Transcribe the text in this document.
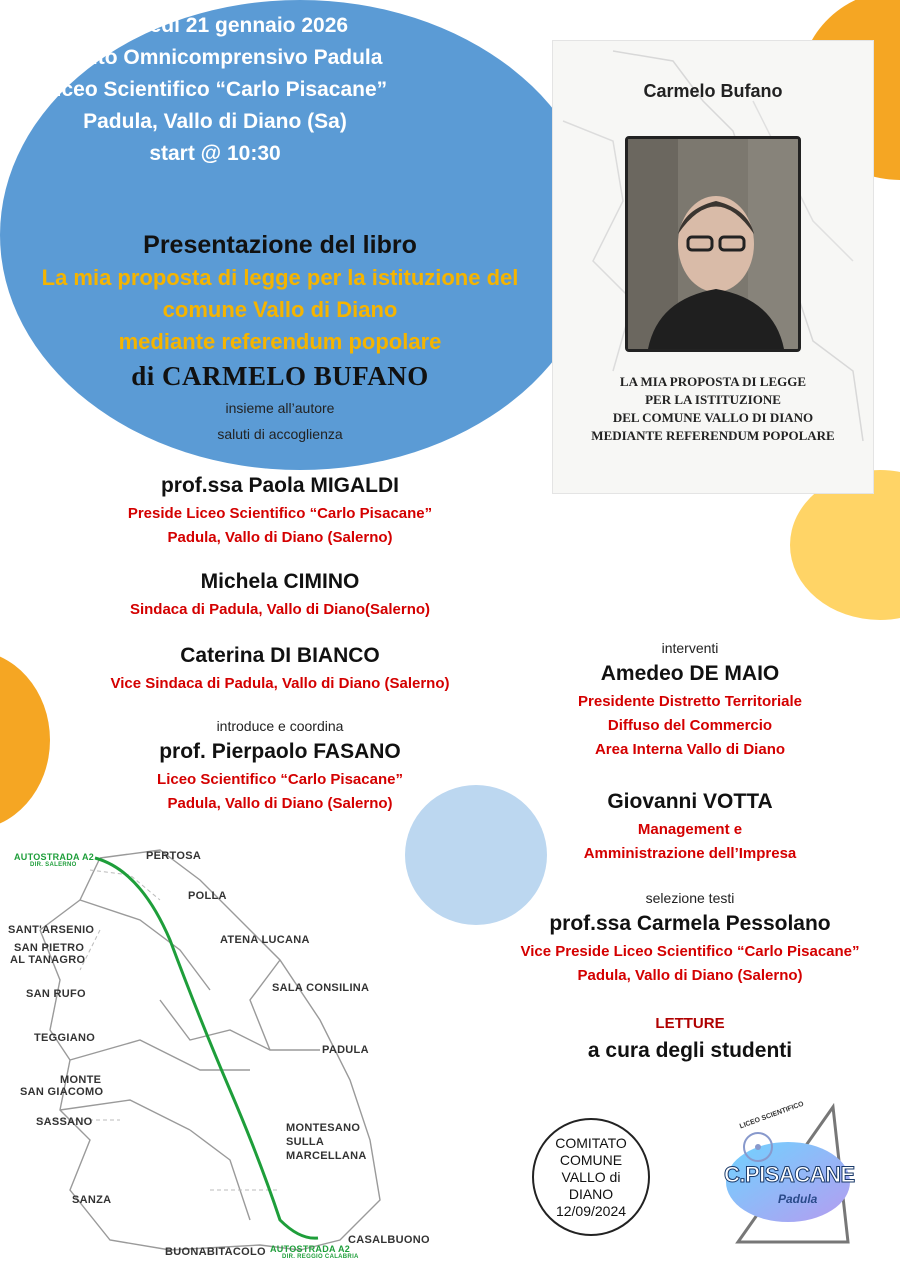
Mercoledì 21 gennaio 2026
Istituto Omnicomprensivo Padula
Liceo Scientifico “Carlo Pisacane”
Padula, Vallo di Diano (Sa)
start @ 10:30
Carmelo Bufano
LA MIA PROPOSTA DI LEGGE
PER LA ISTITUZIONE
DEL COMUNE VALLO DI DIANO
MEDIANTE REFERENDUM POPOLARE
Presentazione del libro
La mia proposta di legge per la istituzione del
comune Vallo di Diano
mediante referendum popolare
di CARMELO BUFANO
insieme all’autore
saluti di accoglienza
prof.ssa Paola MIGALDI
Preside Liceo Scientifico “Carlo Pisacane”
Padula, Vallo di Diano (Salerno)
Michela CIMINO
Sindaca di Padula, Vallo di Diano(Salerno)
Caterina DI BIANCO
Vice Sindaca di Padula, Vallo di Diano (Salerno)
introduce e coordina
prof. Pierpaolo FASANO
Liceo Scientifico “Carlo Pisacane”
Padula, Vallo di Diano (Salerno)
interventi
Amedeo DE MAIO
Presidente Distretto Territoriale
Diffuso del Commercio
Area Interna Vallo di Diano
Giovanni VOTTA
Management e
Amministrazione dell’Impresa
selezione testi
prof.ssa Carmela Pessolano
Vice Preside Liceo Scientifico “Carlo Pisacane”
Padula, Vallo di Diano (Salerno)
LETTURE
a cura degli studenti
AUTOSTRADA A2
DIR. SALERNO
AUTOSTRADA A2
DIR. REGGIO CALABRIA
PERTOSA
POLLA
SANT'ARSENIO
SAN PIETRO
AL TANAGRO
ATENA LUCANA
SAN RUFO	SALA CONSILINA
TEGGIANO
PADULA
MONTE
SAN GIACOMO
SASSANO	MONTESANO
SULLA
MARCELLANA
SANZA
CASALBUONO
BUONABITACOLO
COMITATO
COMUNE
VALLO di
DIANO
12/09/2024
LICEO SCIENTIFICO
C.PISACANE
Padula
